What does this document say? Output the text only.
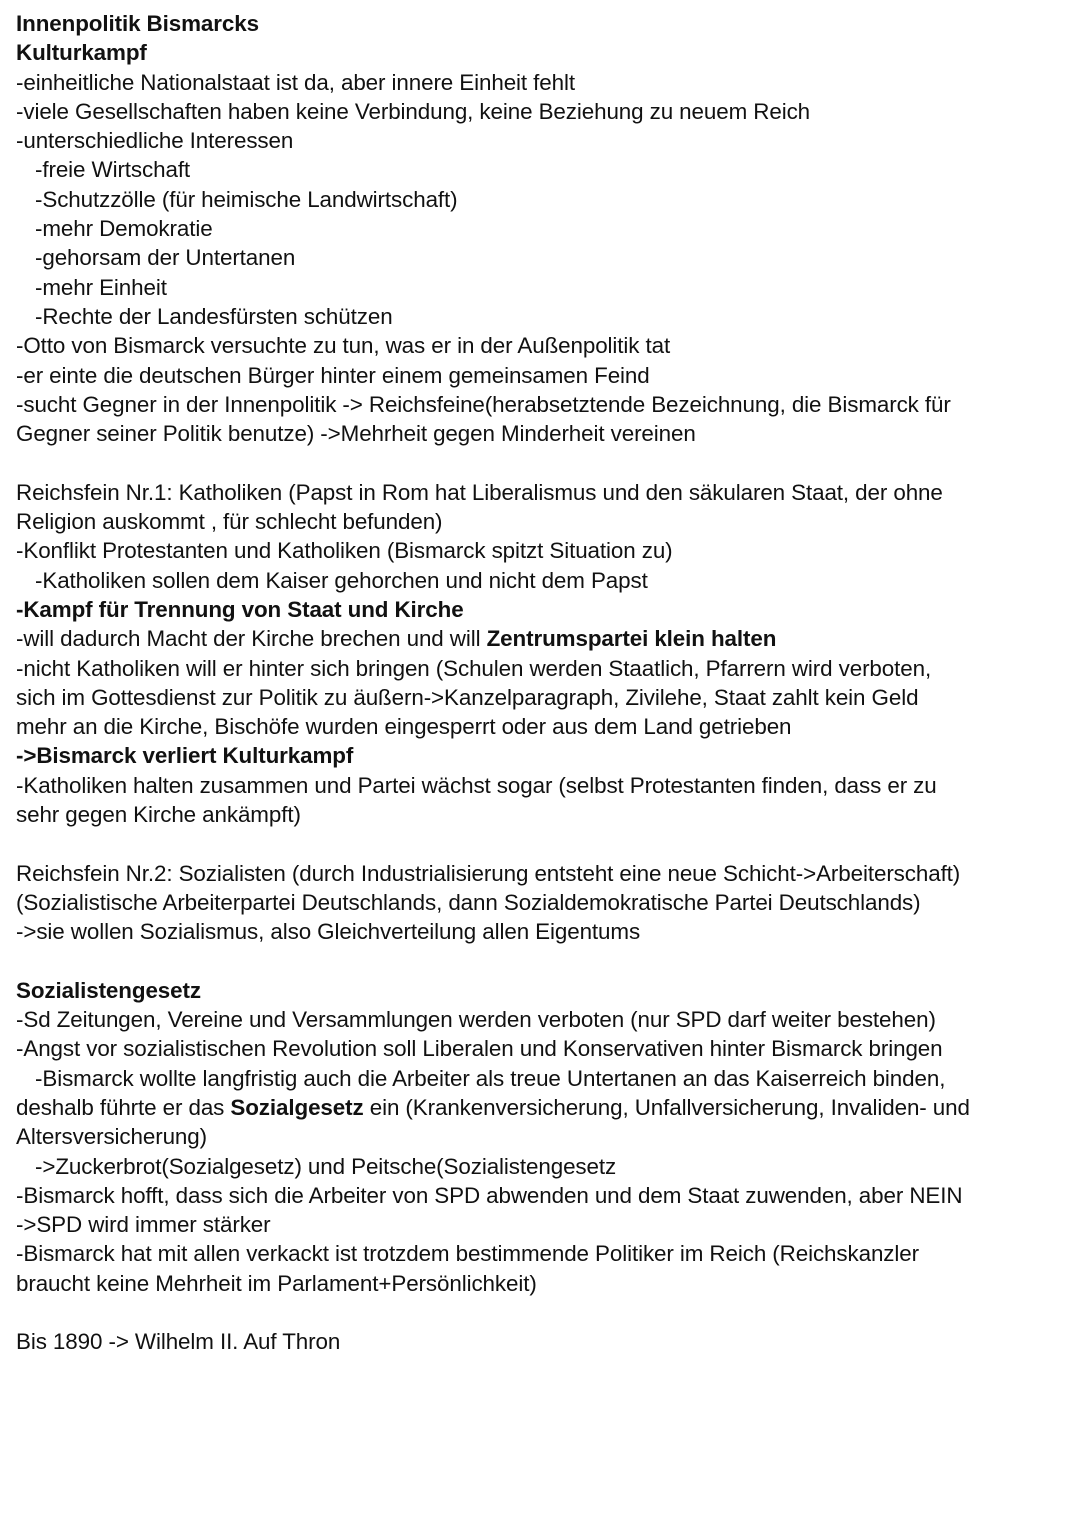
Innenpolitik Bismarcks
Kulturkampf
-einheitliche Nationalstaat ist da, aber innere Einheit fehlt
-viele Gesellschaften haben keine Verbindung, keine Beziehung zu neuem Reich
-unterschiedliche Interessen
-freie Wirtschaft
-Schutzzölle (für heimische Landwirtschaft)
-mehr Demokratie
-gehorsam der Untertanen
-mehr Einheit
-Rechte der Landesfürsten schützen
-Otto von Bismarck versuchte zu tun, was er in der Außenpolitik tat
-er einte die deutschen Bürger hinter einem gemeinsamen Feind
-sucht Gegner in der Innenpolitik -> Reichsfeine(herabsetztende Bezeichnung, die Bismarck für
Gegner seiner Politik benutze) ->Mehrheit gegen Minderheit vereinen
Reichsfein Nr.1: Katholiken (Papst in Rom hat Liberalismus und den säkularen Staat, der ohne
Religion auskommt , für schlecht befunden)
-Konflikt Protestanten und Katholiken (Bismarck spitzt Situation zu)
-Katholiken sollen dem Kaiser gehorchen und nicht dem Papst
-Kampf für Trennung von Staat und Kirche
-will dadurch Macht der Kirche brechen und will Zentrumspartei klein halten
-nicht Katholiken will er hinter sich bringen (Schulen werden Staatlich, Pfarrern wird verboten,
sich im Gottesdienst zur Politik zu äußern->Kanzelparagraph, Zivilehe, Staat zahlt kein Geld
mehr an die Kirche, Bischöfe wurden eingesperrt oder aus dem Land getrieben
->Bismarck verliert Kulturkampf
-Katholiken halten zusammen und Partei wächst sogar (selbst Protestanten finden, dass er zu
sehr gegen Kirche ankämpft)
Reichsfein Nr.2: Sozialisten (durch Industrialisierung entsteht eine neue Schicht->Arbeiterschaft)
(Sozialistische Arbeiterpartei Deutschlands, dann Sozialdemokratische Partei Deutschlands)
->sie wollen Sozialismus, also Gleichverteilung allen Eigentums
Sozialistengesetz
-Sd Zeitungen, Vereine und Versammlungen werden verboten (nur SPD darf weiter bestehen)
-Angst vor sozialistischen Revolution soll Liberalen und Konservativen hinter Bismarck bringen
-Bismarck wollte langfristig auch die Arbeiter als treue Untertanen an das Kaiserreich binden,
deshalb führte er das Sozialgesetz ein (Krankenversicherung, Unfallversicherung, Invaliden- und
Altersversicherung)
->Zuckerbrot(Sozialgesetz) und Peitsche(Sozialistengesetz
-Bismarck hofft, dass sich die Arbeiter von SPD abwenden und dem Staat zuwenden, aber NEIN
->SPD wird immer stärker
-Bismarck hat mit allen verkackt ist trotzdem bestimmende Politiker im Reich (Reichskanzler
braucht keine Mehrheit im Parlament+Persönlichkeit)
Bis 1890 -> Wilhelm II. Auf Thron
